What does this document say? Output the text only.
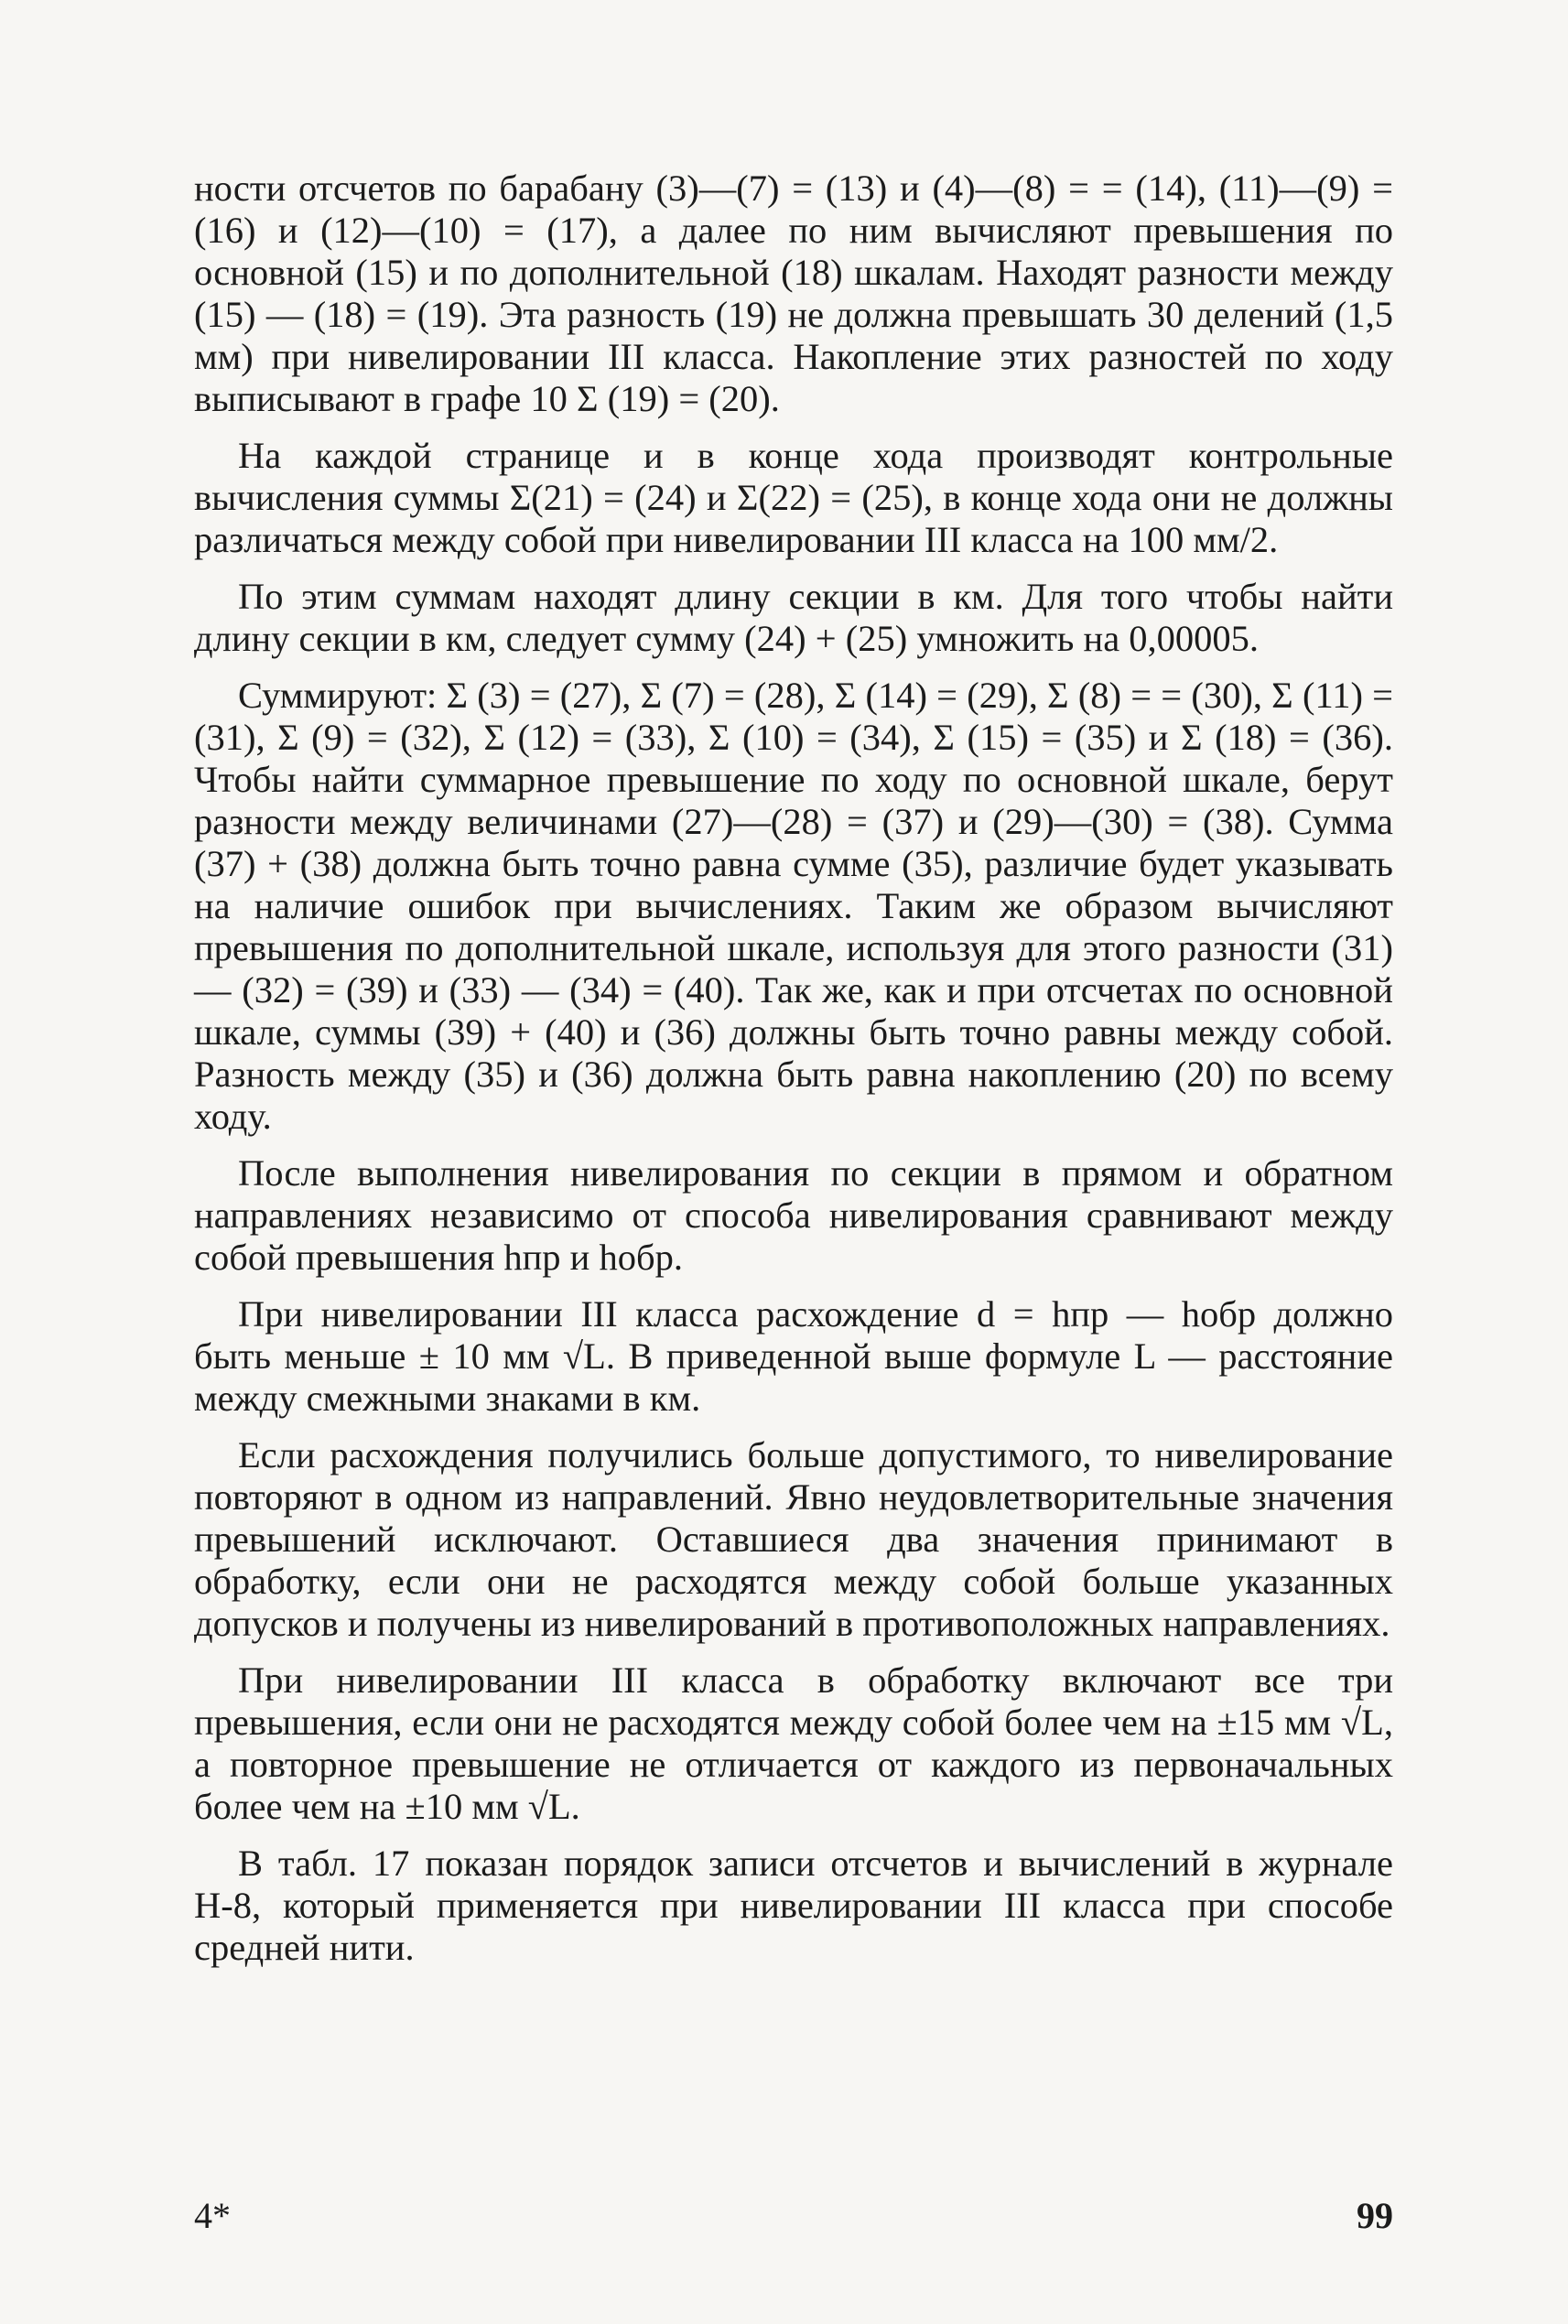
ности отсчетов по барабану (3)—(7) = (13) и (4)—(8) = = (14), (11)—(9) = (16) и (12)—(10) = (17), а далее по ним вычисляют превышения по основной (15) и по дополнительной (18) шкалам. Находят разности между (15) — (18) = (19). Эта разность (19) не должна превышать 30 делений (1,5 мм) при нивелировании III класса. Накопление этих разностей по ходу выписывают в графе 10 Σ (19) = (20).

На каждой странице и в конце хода производят контрольные вычисления суммы Σ(21) = (24) и Σ(22) = (25), в конце хода они не должны различаться между собой при нивелировании III класса на 100 мм/2.

По этим суммам находят длину секции в км. Для того чтобы найти длину секции в км, следует сумму (24) + (25) умножить на 0,00005.

Суммируют: Σ (3) = (27), Σ (7) = (28), Σ (14) = (29), Σ (8) = = (30), Σ (11) = (31), Σ (9) = (32), Σ (12) = (33), Σ (10) = (34), Σ (15) = (35) и Σ (18) = (36). Чтобы найти суммарное превышение по ходу по основной шкале, берут разности между величинами (27)—(28) = (37) и (29)—(30) = (38). Сумма (37) + (38) должна быть точно равна сумме (35), различие будет указывать на наличие ошибок при вычислениях. Таким же образом вычисляют превышения по дополнительной шкале, используя для этого разности (31) — (32) = (39) и (33) — (34) = (40). Так же, как и при отсчетах по основной шкале, суммы (39) + (40) и (36) должны быть точно равны между собой. Разность между (35) и (36) должна быть равна накоплению (20) по всему ходу.

После выполнения нивелирования по секции в прямом и обратном направлениях независимо от способа нивелирования сравнивают между собой превышения hпр и hобр.

При нивелировании III класса расхождение d = hпр — hобр должно быть меньше ± 10 мм √L. В приведенной выше формуле L — расстояние между смежными знаками в км.

Если расхождения получились больше допустимого, то нивелирование повторяют в одном из направлений. Явно неудовлетворительные значения превышений исключают. Оставшиеся два значения принимают в обработку, если они не расходятся между собой больше указанных допусков и получены из нивелирований в противоположных направлениях.

При нивелировании III класса в обработку включают все три превышения, если они не расходятся между собой более чем на ±15 мм √L, а повторное превышение не отличается от каждого из первоначальных более чем на ±10 мм √L.

В табл. 17 показан порядок записи отсчетов и вычислений в журнале Н-8, который применяется при нивелировании III класса при способе средней нити.

4*	99
